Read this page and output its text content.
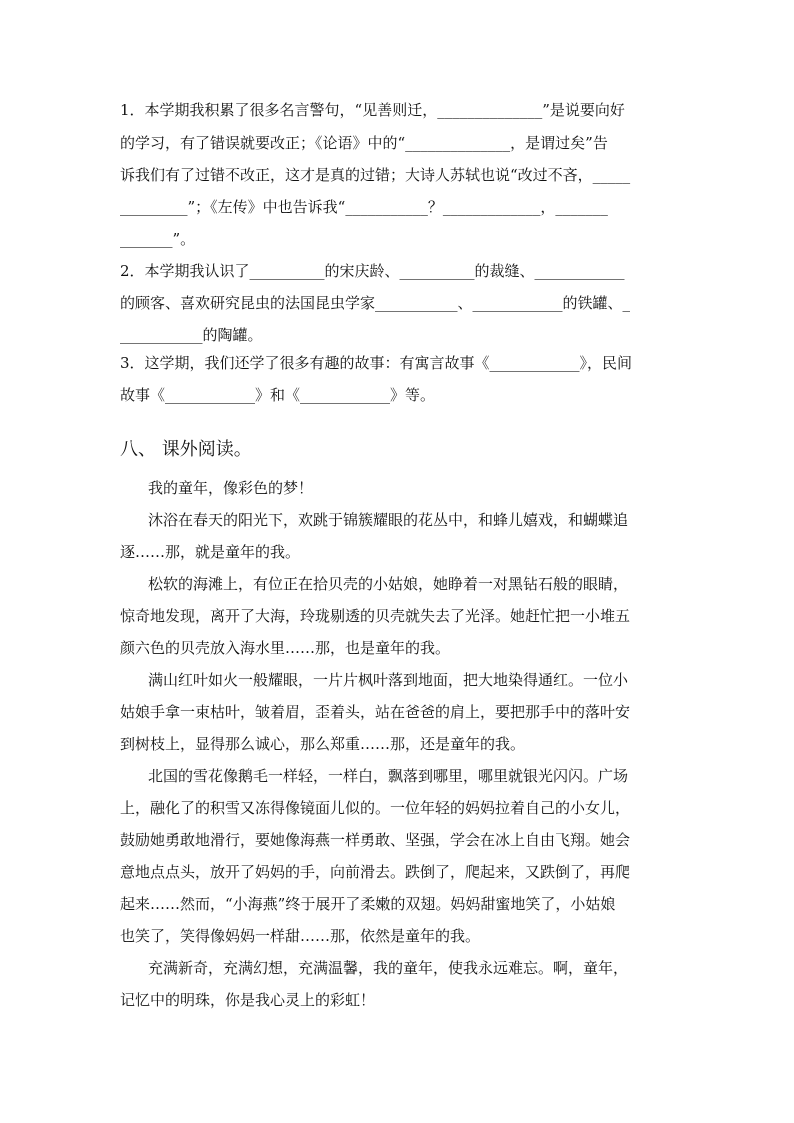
1．本学期我积累了很多名言警句，“见善则迁，______________”是说要向好
的学习，有了错误就要改正；《论语》中的“______________，是谓过矣”告
诉我们有了过错不改正，这才是真的过错；大诗人苏轼也说“改过不吝，_____
_________”；《左传》中也告诉我“___________？_____________，_______
_______”。
2．本学期我认识了__________的宋庆龄、__________的裁缝、____________
的顾客、喜欢研究昆虫的法国昆虫学家___________、____________的铁罐、_
___________的陶罐。
3．这学期，我们还学了很多有趣的故事：有寓言故事《____________》，民间
故事《____________》和《____________》等。
八、 课外阅读。
我的童年，像彩色的梦！
沐浴在春天的阳光下，欢跳于锦簇耀眼的花丛中，和蜂儿嬉戏，和蝴蝶追
逐……那，就是童年的我。
松软的海滩上，有位正在拾贝壳的小姑娘，她睁着一对黑钻石般的眼睛，
惊奇地发现，离开了大海，玲珑剔透的贝壳就失去了光泽。她赶忙把一小堆五
颜六色的贝壳放入海水里……那，也是童年的我。
满山红叶如火一般耀眼，一片片枫叶落到地面，把大地染得通红。一位小
姑娘手拿一束枯叶，皱着眉，歪着头，站在爸爸的肩上，要把那手中的落叶安
到树枝上，显得那么诚心，那么郑重……那，还是童年的我。
北国的雪花像鹅毛一样轻，一样白，飘落到哪里，哪里就银光闪闪。广场
上，融化了的积雪又冻得像镜面儿似的。一位年轻的妈妈拉着自己的小女儿，
鼓励她勇敢地滑行，要她像海燕一样勇敢、坚强，学会在冰上自由飞翔。她会
意地点点头，放开了妈妈的手，向前滑去。跌倒了，爬起来，又跌倒了，再爬
起来……然而，“小海燕”终于展开了柔嫩的双翅。妈妈甜蜜地笑了，小姑娘
也笑了，笑得像妈妈一样甜……那，依然是童年的我。
充满新奇，充满幻想，充满温馨，我的童年，使我永远难忘。啊，童年，
记忆中的明珠，你是我心灵上的彩虹！
